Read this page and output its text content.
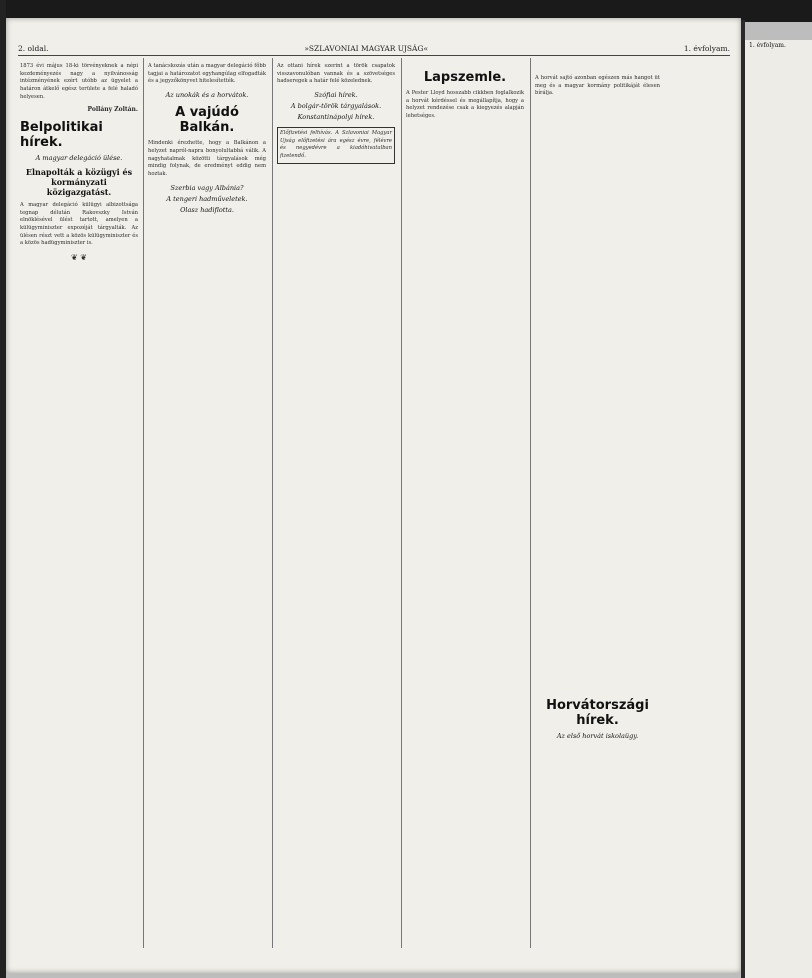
2. oldal.	»SZLAVONIAI MAGYAR UJSÁG«	1. évfolyam.

1873 évi május 18-ki törvényeknek a népi kezdeményezés nagy a nyilvánosság intézményének ezért utóbb az ügyelet a határon átkelő egész területe a felé haladó helyesen.

Pollány Zoltán.
Belpolitikai hírek.
A magyar delegáció ülése.
Elnapolták a közügyi és kormányzati közigazgatást.

A magyar delegáció külügyi albizottsága tegnap délután Rakovszky István elnöklésével ülést tartott, amelyen a külügyminiszter expozéját tárgyalták. Az ülésen részt vett a közös külügyminiszter és a közös hadügyminiszter is.

❦ ❦

A tanácskozás után a magyar delegáció főbb tagjai a határozatot egyhangúlag elfogadták és a jegyzőkönyvet hitelesítették.

Az unokák és a horvátok.
A vajúdó Balkán.

Mindenki érezhette, hogy a Balkánon a helyzet napról-napra bonyolultabbá válik. A nagyhatalmak közötti tárgyalások még mindig folynak, de eredményt eddig nem hoztak.

Szerbia vagy Albánia?
A tengeri hadműveletek.
Olasz hadiflotta.

Az ottani hírek szerint a török csapatok visszavonulóban vannak és a szövetséges hadseregek a határ felé közelednek.

Szófiai hírek.
A bolgár-török tárgyalások.
Konstantinápolyi hírek.
Előfizetési felhívás. A Szlavoniai Magyar Ujság előfizetési ára egész évre, félévre és negyedévre a kiadóhivatalban fizetendő.
Lapszemle.

A Pester Lloyd hosszabb cikkben foglalkozik a horvát kérdéssel és megállapítja, hogy a helyzet rendezése csak a kiegyezés alapján lehetséges.

A horvát sajtó azonban egészen más hangot üt meg és a magyar kormány politikáját élesen bírálja.

Horvátországi hírek.
Az első horvát iskolaügy.
1. évfolyam.
